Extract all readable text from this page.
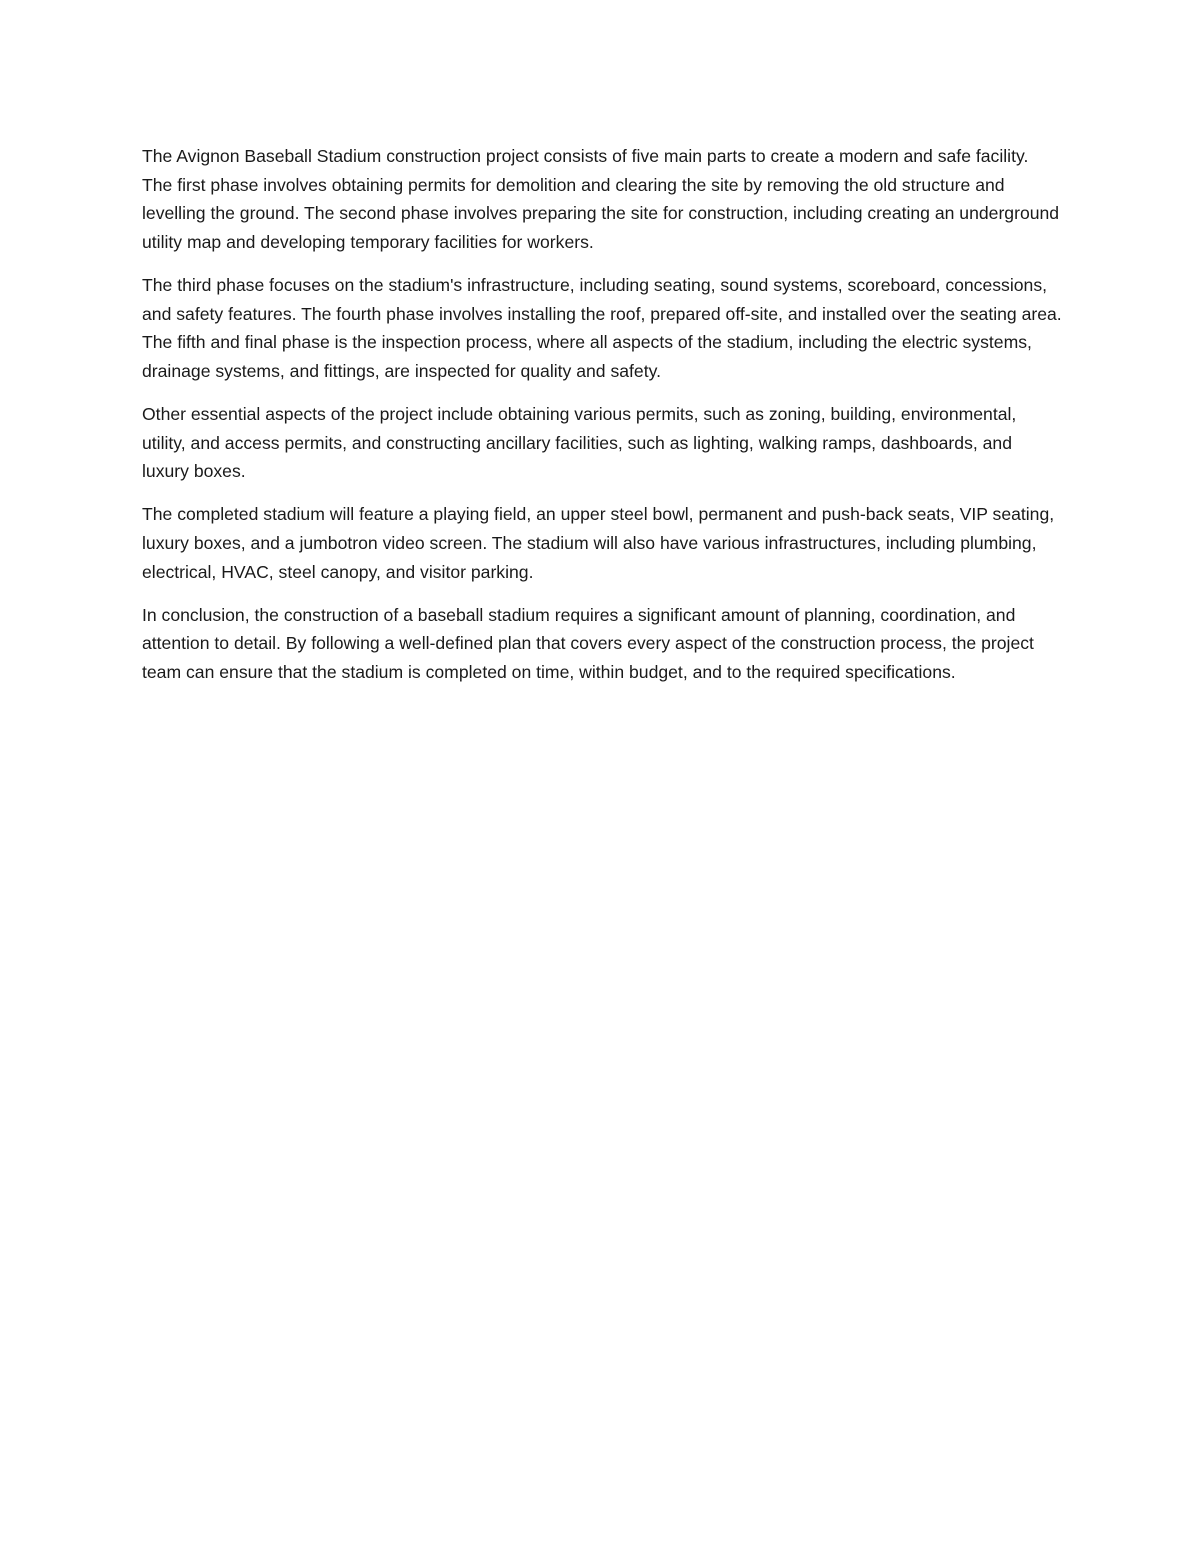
The Avignon Baseball Stadium construction project consists of five main parts to create a modern and safe facility. The first phase involves obtaining permits for demolition and clearing the site by removing the old structure and levelling the ground. The second phase involves preparing the site for construction, including creating an underground utility map and developing temporary facilities for workers.

The third phase focuses on the stadium's infrastructure, including seating, sound systems, scoreboard, concessions, and safety features. The fourth phase involves installing the roof, prepared off-site, and installed over the seating area. The fifth and final phase is the inspection process, where all aspects of the stadium, including the electric systems, drainage systems, and fittings, are inspected for quality and safety.

Other essential aspects of the project include obtaining various permits, such as zoning, building, environmental, utility, and access permits, and constructing ancillary facilities, such as lighting, walking ramps, dashboards, and luxury boxes.

The completed stadium will feature a playing field, an upper steel bowl, permanent and push-back seats, VIP seating, luxury boxes, and a jumbotron video screen. The stadium will also have various infrastructures, including plumbing, electrical, HVAC, steel canopy, and visitor parking.

In conclusion, the construction of a baseball stadium requires a significant amount of planning, coordination, and attention to detail. By following a well-defined plan that covers every aspect of the construction process, the project team can ensure that the stadium is completed on time, within budget, and to the required specifications.
